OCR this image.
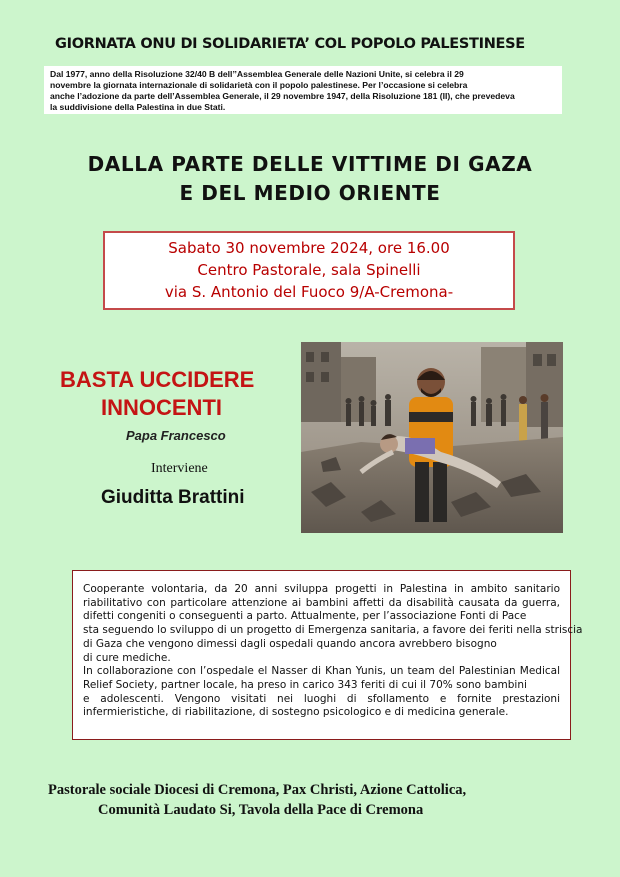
GIORNATA ONU DI SOLIDARIETA’ COL POPOLO PALESTINESE
Dal 1977, anno della Risoluzione 32/40 B dell’’Assemblea Generale delle Nazioni Unite, si celebra il 29
novembre la giornata internazionale di solidarietà con il popolo palestinese. Per l’occasione si celebra
anche l’adozione da parte dell’Assemblea Generale, il 29 novembre 1947, della Risoluzione 181 (II), che prevedeva
la suddivisione della Palestina in due Stati.
DALLA PARTE DELLE VITTIME DI GAZA
E DEL MEDIO ORIENTE
Sabato 30 novembre 2024, ore 16.00
Centro Pastorale, sala Spinelli
via S. Antonio del Fuoco 9/A-Cremona-
BASTA UCCIDERE
INNOCENTI
Papa Francesco
Interviene
Giuditta Brattini
Cooperante volontaria, da 20 anni sviluppa progetti in Palestina in ambito sanitario
riabilitativo con particolare attenzione ai bambini affetti da disabilità causata da guerra,
difetti congeniti o conseguenti a parto. Attualmente, per l’associazione Fonti di Pace
sta seguendo lo sviluppo di un progetto di Emergenza sanitaria, a favore dei feriti nella striscia
di Gaza che vengono dimessi dagli ospedali quando ancora avrebbero bisogno
di cure mediche.
In collaborazione con l’ospedale el Nasser di Khan Yunis, un team del Palestinian Medical
Relief Society, partner locale, ha preso in carico 343 feriti di cui il 70% sono bambini
e adolescenti. Vengono visitati nei luoghi di sfollamento e fornite prestazioni
infermieristiche, di riabilitazione, di sostegno psicologico e di medicina generale.
Pastorale sociale Diocesi di Cremona, Pax Christi, Azione Cattolica,
Comunità Laudato Si, Tavola della Pace di Cremona
